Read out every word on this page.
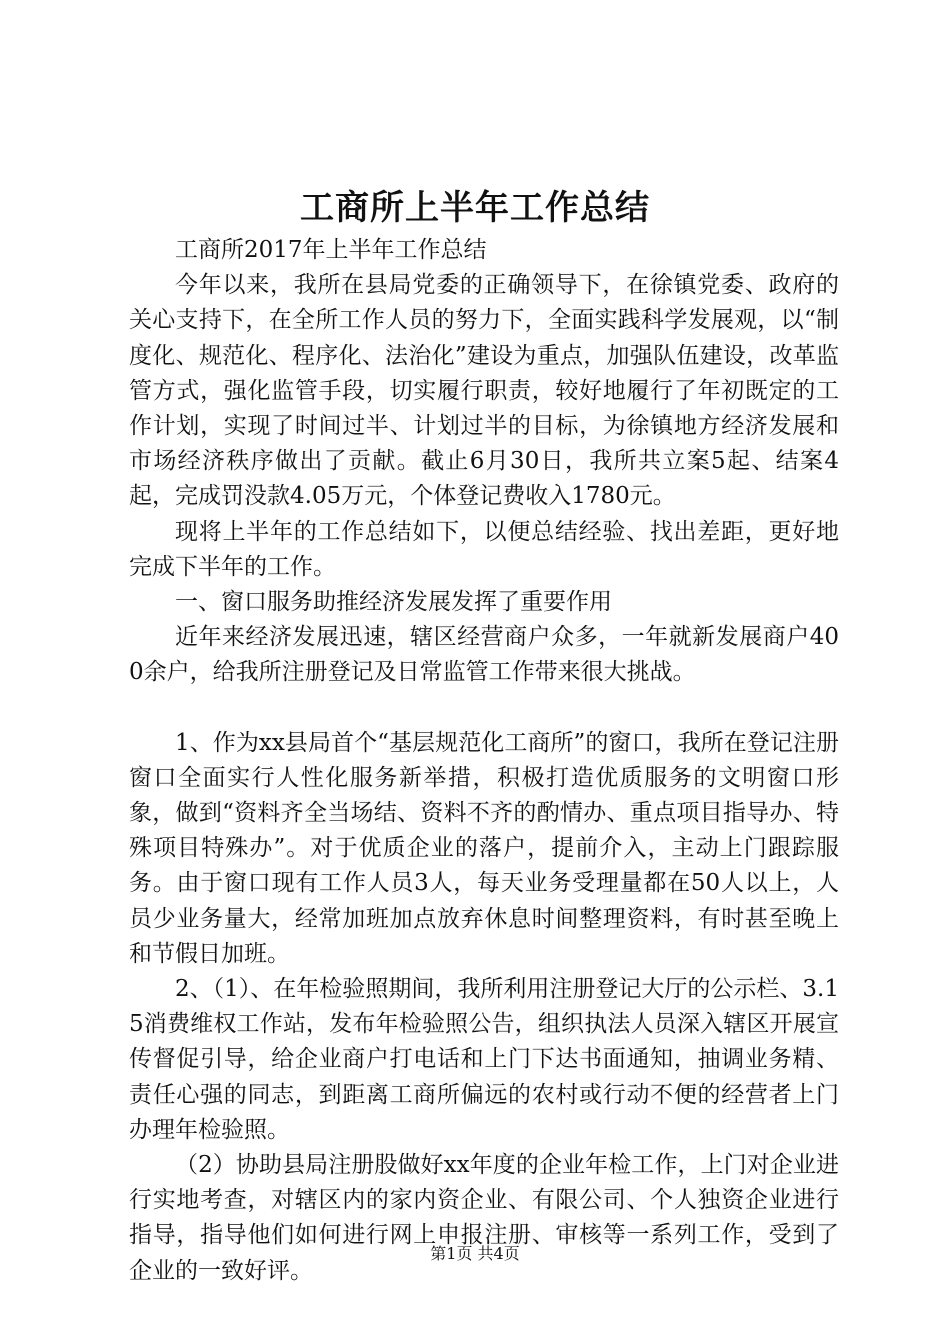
工商所上半年工作总结

工商所2017年上半年工作总结

今年以来，我所在县局党委的正确领导下，在徐镇党委、政府的关心支持下，在全所工作人员的努力下，全面实践科学发展观，以“制度化、规范化、程序化、法治化”建设为重点，加强队伍建设，改革监管方式，强化监管手段，切实履行职责，较好地履行了年初既定的工作计划，实现了时间过半、计划过半的目标，为徐镇地方经济发展和市场经济秩序做出了贡献。截止6月30日，我所共立案5起、结案4起，完成罚没款4.05万元，个体登记费收入1780元。

现将上半年的工作总结如下，以便总结经验、找出差距，更好地完成下半年的工作。

一、窗口服务助推经济发展发挥了重要作用

近年来经济发展迅速，辖区经营商户众多，一年就新发展商户400余户，给我所注册登记及日常监管工作带来很大挑战。

1、作为xx县局首个“基层规范化工商所”的窗口，我所在登记注册窗口全面实行人性化服务新举措，积极打造优质服务的文明窗口形象，做到“资料齐全当场结、资料不齐的酌情办、重点项目指导办、特殊项目特殊办”。对于优质企业的落户，提前介入，主动上门跟踪服务。由于窗口现有工作人员3人，每天业务受理量都在50人以上，人员少业务量大，经常加班加点放弃休息时间整理资料，有时甚至晚上和节假日加班。

2、（1）、在年检验照期间，我所利用注册登记大厅的公示栏、3.15消费维权工作站，发布年检验照公告，组织执法人员深入辖区开展宣传督促引导，给企业商户打电话和上门下达书面通知，抽调业务精、责任心强的同志，到距离工商所偏远的农村或行动不便的经营者上门办理年检验照。

（2）协助县局注册股做好xx年度的企业年检工作，上门对企业进行实地考查，对辖区内的家内资企业、有限公司、个人独资企业进行指导，指导他们如何进行网上申报注册、审核等一系列工作，受到了企业的一致好评。

第1页 共4页
